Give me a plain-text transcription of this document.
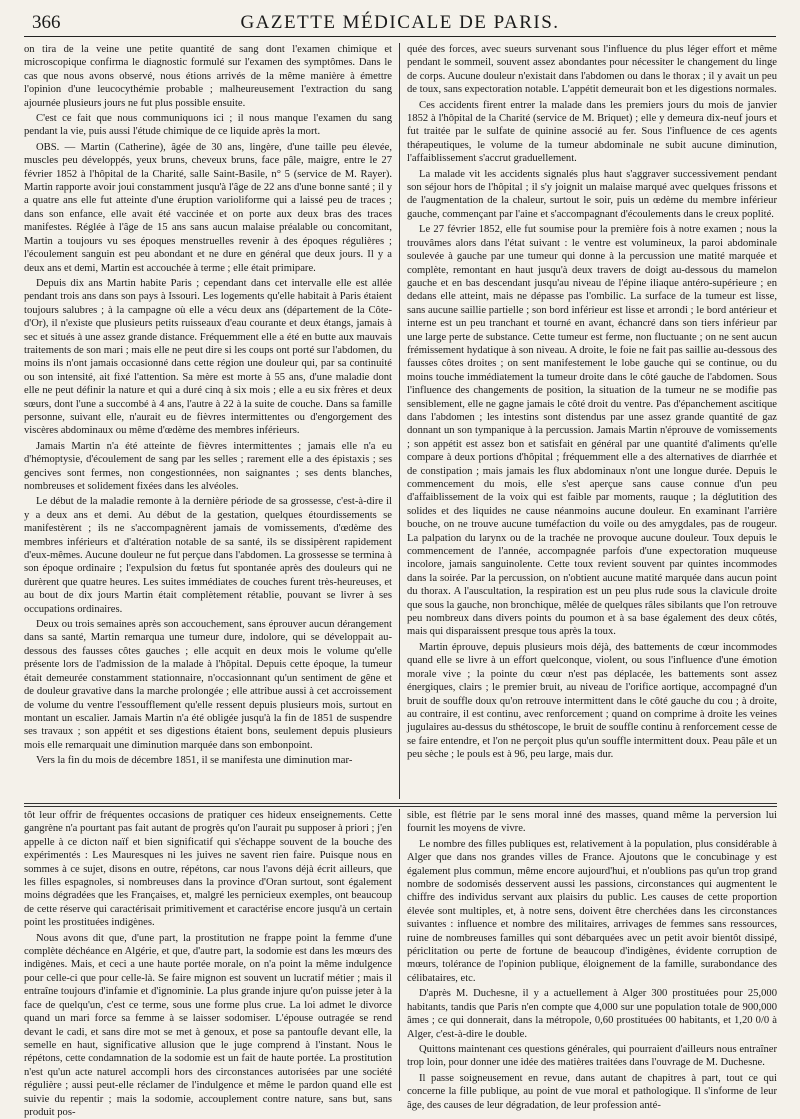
366	GAZETTE MÉDICALE DE PARIS.

on tira de la veine une petite quantité de sang dont l'examen chimique et microscopique confirma le diagnostic formulé sur l'examen des symptômes. Dans le cas que nous avons observé, nous étions arrivés de la même manière à émettre l'opinion d'une leucocythémie probable ; malheureusement l'extraction du sang ajournée plusieurs jours ne fut plus possible ensuite.

C'est ce fait que nous communiquons ici ; il nous manque l'examen du sang pendant la vie, puis aussi l'étude chimique de ce liquide après la mort.

OBS. — Martin (Catherine), âgée de 30 ans, lingère, d'une taille peu élevée, muscles peu développés, yeux bruns, cheveux bruns, face pâle, maigre, entre le 27 février 1852 à l'hôpital de la Charité, salle Saint-Basile, n° 5 (service de M. Rayer). Martin rapporte avoir joui constamment jusqu'à l'âge de 22 ans d'une bonne santé ; il y a quatre ans elle fut atteinte d'une éruption varioliforme qui a laissé peu de traces ; dans son enfance, elle avait été vaccinée et on porte aux deux bras des traces manifestes. Réglée à l'âge de 15 ans sans aucun malaise préalable ou concomitant, Martin a toujours vu ses époques menstruelles revenir à des époques régulières ; l'écoulement sanguin est peu abondant et ne dure en général que deux jours. Il y a deux ans et demi, Martin est accouchée à terme ; elle était primipare.

Depuis dix ans Martin habite Paris ; cependant dans cet intervalle elle est allée pendant trois ans dans son pays à Issouri. Les logements qu'elle habitait à Paris étaient toujours salubres ; à la campagne où elle a vécu deux ans (département de la Côte-d'Or), il n'existe que plusieurs petits ruisseaux d'eau courante et deux étangs, jamais à sec et situés à une assez grande distance. Fréquemment elle a été en butte aux mauvais traitements de son mari ; mais elle ne peut dire si les coups ont porté sur l'abdomen, du moins ils n'ont jamais occasionné dans cette région une douleur qui, par sa continuité ou son intensité, ait fixé l'attention. Sa mère est morte à 55 ans, d'une maladie dont elle ne peut définir la nature et qui a duré cinq à six mois ; elle a eu six frères et deux sœurs, dont l'une a succombé à 4 ans, l'autre à 22 à la suite de couche. Dans sa famille personne, suivant elle, n'aurait eu de fièvres intermittentes ou d'engorgement des viscères abdominaux ou même d'œdème des membres inférieurs.

Jamais Martin n'a été atteinte de fièvres intermittentes ; jamais elle n'a eu d'hémoptysie, d'écoulement de sang par les selles ; rarement elle a des épistaxis ; ses gencives sont fermes, non congestionnées, non saignantes ; ses dents blanches, nombreuses et solidement fixées dans les alvéoles.

Le début de la maladie remonte à la dernière période de sa grossesse, c'est-à-dire il y a deux ans et demi. Au début de la gestation, quelques étourdissements se manifestèrent ; ils ne s'accompagnèrent jamais de vomissements, d'œdème des membres inférieurs et d'altération notable de sa santé, ils se dissipèrent rapidement d'eux-mêmes. Aucune douleur ne fut perçue dans l'abdomen. La grossesse se termina à son époque ordinaire ; l'expulsion du fœtus fut spontanée après des douleurs qui ne durèrent que quatre heures. Les suites immédiates de couches furent très-heureuses, et au bout de dix jours Martin était complètement rétablie, pouvant se livrer à ses occupations ordinaires.

Deux ou trois semaines après son accouchement, sans éprouver aucun dérangement dans sa santé, Martin remarqua une tumeur dure, indolore, qui se développait au-dessous des fausses côtes gauches ; elle acquit en deux mois le volume qu'elle présente lors de l'admission de la malade à l'hôpital. Depuis cette époque, la tumeur était demeurée constamment stationnaire, n'occasionnant qu'un sentiment de gêne et de douleur gravative dans la marche prolongée ; elle attribue aussi à cet accroissement de volume du ventre l'essoufflement qu'elle ressent depuis plusieurs mois, surtout en montant un escalier. Jamais Martin n'a été obligée jusqu'à la fin de 1851 de suspendre ses travaux ; son appétit et ses digestions étaient bons, seulement depuis plusieurs mois elle remarquait une diminution marquée dans son embonpoint.

Vers la fin du mois de décembre 1851, il se manifesta une diminution mar-

quée des forces, avec sueurs survenant sous l'influence du plus léger effort et même pendant le sommeil, souvent assez abondantes pour nécessiter le changement du linge de corps. Aucune douleur n'existait dans l'abdomen ou dans le thorax ; il y avait un peu de toux, sans expectoration notable. L'appétit demeurait bon et les digestions normales.

Ces accidents firent entrer la malade dans les premiers jours du mois de janvier 1852 à l'hôpital de la Charité (service de M. Briquet) ; elle y demeura dix-neuf jours et fut traitée par le sulfate de quinine associé au fer. Sous l'influence de ces agents thérapeutiques, le volume de la tumeur abdominale ne subit aucune diminution, l'affaiblissement s'accrut graduellement.

La malade vit les accidents signalés plus haut s'aggraver successivement pendant son séjour hors de l'hôpital ; il s'y joignit un malaise marqué avec quelques frissons et de l'augmentation de la chaleur, surtout le soir, puis un œdème du membre inférieur gauche, commençant par l'aine et s'accompagnant d'écoulements dans le creux poplité.

Le 27 février 1852, elle fut soumise pour la première fois à notre examen ; nous la trouvâmes alors dans l'état suivant : le ventre est volumineux, la paroi abdominale soulevée à gauche par une tumeur qui donne à la percussion une matité marquée et complète, remontant en haut jusqu'à deux travers de doigt au-dessous du mamelon gauche et en bas descendant jusqu'au niveau de l'épine iliaque antéro-supérieure ; en dedans elle atteint, mais ne dépasse pas l'ombilic. La surface de la tumeur est lisse, sans aucune saillie partielle ; son bord inférieur est lisse et arrondi ; le bord antérieur et interne est un peu tranchant et tourné en avant, échancré dans son tiers inférieur par une large perte de substance. Cette tumeur est ferme, non fluctuante ; on ne sent aucun frémissement hydatique à son niveau. A droite, le foie ne fait pas saillie au-dessous des fausses côtes droites ; on sent manifestement le lobe gauche qui se continue, ou du moins touche immédiatement la tumeur droite dans le côté gauche de l'abdomen. Sous l'influence des changements de position, la situation de la tumeur ne se modifie pas sensiblement, elle ne gagne jamais le côté droit du ventre. Pas d'épanchement ascitique dans l'abdomen ; les intestins sont distendus par une assez grande quantité de gaz donnant un son tympanique à la percussion. Jamais Martin n'éprouve de vomissements ; son appétit est assez bon et satisfait en général par une quantité d'aliments qu'elle compare à deux portions d'hôpital ; fréquemment elle a des alternatives de diarrhée et de constipation ; mais jamais les flux abdominaux n'ont une longue durée. Depuis le commencement du mois, elle s'est aperçue sans cause connue d'un peu d'affaiblissement de la voix qui est faible par moments, rauque ; la déglutition des solides et des liquides ne cause néanmoins aucune douleur. En examinant l'arrière bouche, on ne trouve aucune tuméfaction du voile ou des amygdales, pas de rougeur. La palpation du larynx ou de la trachée ne provoque aucune douleur. Toux depuis le commencement de l'année, accompagnée parfois d'une expectoration muqueuse incolore, jamais sanguinolente. Cette toux revient souvent par quintes incommodes dans la soirée. Par la percussion, on n'obtient aucune matité marquée dans aucun point du thorax. A l'auscultation, la respiration est un peu plus rude sous la clavicule droite que sous la gauche, non bronchique, mêlée de quelques râles sibilants que l'on retrouve peu nombreux dans divers points du poumon et à sa base également des deux côtés, mais qui disparaissent presque tous après la toux.

Martin éprouve, depuis plusieurs mois déjà, des battements de cœur incommodes quand elle se livre à un effort quelconque, violent, ou sous l'influence d'une émotion morale vive ; la pointe du cœur n'est pas déplacée, les battements sont assez énergiques, clairs ; le premier bruit, au niveau de l'orifice aortique, accompagné d'un bruit de souffle doux qu'on retrouve intermittent dans le côté gauche du cou ; à droite, au contraire, il est continu, avec renforcement ; quand on comprime à droite les veines jugulaires au-dessus du sthétoscope, le bruit de souffle continu à renforcement cesse de se faire entendre, et l'on ne perçoit plus qu'un souffle intermittent doux. Peau pâle et un peu sèche ; le pouls est à 96, peu large, mais dur.

tôt leur offrir de fréquentes occasions de pratiquer ces hideux enseignements. Cette gangrène n'a pourtant pas fait autant de progrès qu'on l'aurait pu supposer à priori ; j'en appelle à ce dicton naïf et bien significatif qui s'échappe souvent de la bouche des expérimentés : Les Mauresques ni les juives ne savent rien faire. Puisque nous en sommes à ce sujet, disons en outre, répétons, car nous l'avons déjà écrit ailleurs, que les filles espagnoles, si nombreuses dans la province d'Oran surtout, sont également moins dégradées que les Françaises, et, malgré les pernicieux exemples, ont beaucoup de cette réserve qui caractérisait primitivement et caractérise encore jusqu'à un certain point les prostituées indigènes.

Nous avons dit que, d'une part, la prostitution ne frappe point la femme d'une complète déchéance en Algérie, et que, d'autre part, la sodomie est dans les mœurs des indigènes. Mais, et ceci a une haute portée morale, on n'a point la même indulgence pour celle-ci que pour celle-là. Se faire mignon est souvent un lucratif métier ; mais il entraîne toujours d'infamie et d'ignominie. La plus grande injure qu'on puisse jeter à la face de quelqu'un, c'est ce terme, sous une forme plus crue. La loi admet le divorce quand un mari force sa femme à se laisser sodomiser. L'épouse outragée se rend devant le cadi, et sans dire mot se met à genoux, et pose sa pantoufle devant elle, la semelle en haut, significative allusion que le juge comprend à l'instant. Nous le répétons, cette condamnation de la sodomie est un fait de haute portée. La prostitution n'est qu'un acte naturel accompli hors des circonstances autorisées par une société régulière ; aussi peut-elle réclamer de l'indulgence et même le pardon quand elle est suivie du repentir ; mais la sodomie, accouplement contre nature, sans but, sans produit pos-

sible, est flétrie par le sens moral inné des masses, quand même la perversion lui fournit les moyens de vivre.

Le nombre des filles publiques est, relativement à la population, plus considérable à Alger que dans nos grandes villes de France. Ajoutons que le concubinage y est également plus commun, même encore aujourd'hui, et n'oublions pas qu'un trop grand nombre de sodomisés desservent aussi les passions, circonstances qui augmentent le chiffre des individus servant aux plaisirs du public. Les causes de cette proportion élevée sont multiples, et, à notre sens, doivent être cherchées dans les circonstances suivantes : influence et nombre des militaires, arrivages de femmes sans ressources, ruine de nombreuses familles qui sont débarquées avec un petit avoir bientôt dissipé, périclitation ou perte de fortune de beaucoup d'indigènes, évidente corruption de mœurs, tolérance de l'opinion publique, éloignement de la famille, surabondance des célibataires, etc.

D'après M. Duchesne, il y a actuellement à Alger 300 prostituées pour 25,000 habitants, tandis que Paris n'en compte que 4,000 sur une population totale de 900,000 âmes ; ce qui donnerait, dans la métropole, 0,60 prostituées 00 habitants, et 1,20 0/0 à Alger, c'est-à-dire le double.

Quittons maintenant ces questions générales, qui pourraient d'ailleurs nous entraîner trop loin, pour donner une idée des matières traitées dans l'ouvrage de M. Duchesne.

Il passe soigneusement en revue, dans autant de chapitres à part, tout ce qui concerne la fille publique, au point de vue moral et pathologique. Il s'informe de leur âge, des causes de leur dégradation, de leur profession anté-
